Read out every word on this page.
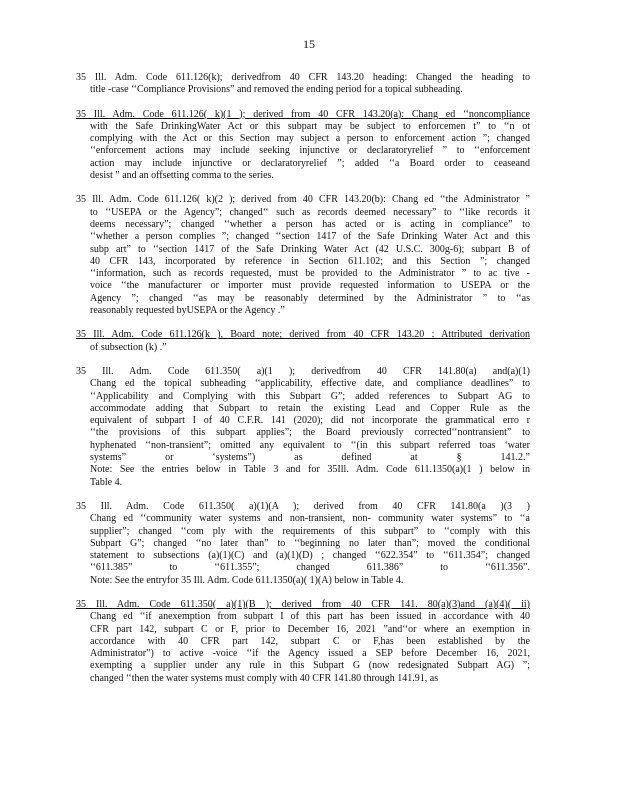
15
35 Ill. Adm. Code 611.126(k); derivedfrom 40 CFR 143.20 heading: Changed the heading to
title -case ‘‘Compliance Provisions” and removed the ending period for a topical subheading.
35 Ill. Adm. Code 611.126( k)(1 ); derived from 40 CFR 143.20(a): Chang ed ‘‘noncompliance
with the Safe DrinkingWater Act or this subpart may be subject to enforcemen t” to ‘‘n ot
complying with the Act or this Section may subject a person to enforcement action ”; changed
‘‘enforcement actions may include seeking injunctive or declaratoryrelief ” to ‘‘enforcement
action may include injunctive or declaratoryrelief ”; added ‘‘a Board order to ceaseand
desist ” and an offsetting comma to the series.
35 Ill. Adm. Code 611.126( k)(2 ); derived from 40 CFR 143.20(b): Chang ed ‘‘the Administrator ”
to ‘‘USEPA or the Agency”; changed‘‘ such as records deemed necessary” to ‘‘like records it
deems necessary”; changed ‘‘whether a person has acted or is acting in compliance” to
‘‘whether a person complies ”; changed ‘‘section 1417 of the Safe Drinking Water Act and this
subp art” to ‘‘section 1417 of the Safe Drinking Water Act (42 U.S.C. 300g-6); subpart B of
40 CFR 143, incorporated by reference in Section 611.102; and this Section ”; changed
‘‘information, such as records requested, must be provided to the Administrator ” to ac tive -
voice ‘‘the manufacturer or importer must provide requested information to USEPA or the
Agency ”; changed ‘‘as may be reasonably determined by the Administrator ” to ‘‘as
reasonably requested byUSEPA or the Agency .”
35 Ill. Adm. Code 611.126(k ), Board note; derived from 40 CFR 143.20 : Attributed derivation
of subsection (k) .”
35 Ill. Adm. Code 611.350( a)(1 ); derivedfrom 40 CFR 141.80(a) and(a)(1)
Chang ed the topical subheading ‘‘applicability, effective date, and compliance deadlines” to
‘‘Applicability and Complying with this Subpart G”; added references to Subpart AG to
accommodate adding that Subpart to retain the existing Lead and Copper Rule as the
equivalent of subpart I of 40 C.F.R. 141 (2020); did not incorporate the grammatical erro r
‘‘the provisions of this subpart applies”; the Board previously corrected‘‘nontransient” to
hyphenated ‘‘non-transient”; omitted any equivalent to ‘‘(in this subpart referred toas ‘water
systems” or ‘systems”) as defined at § 141.2.”
Note: See the entries below in Table 3 and for 35Ill. Adm. Code 611.1350(a)(1 ) below in
Table 4.
35 Ill. Adm. Code 611.350( a)(1)(A ); derived from 40 CFR 141.80(a )(3 )
Chang ed ‘‘community water systems and non-transient, non- community water systems” to ‘‘a
supplier”; changed ‘‘com ply with the requirements of this subpart” to ‘‘comply with this
Subpart G”; changed ‘‘no later than” to ‘‘beginning no later than”; moved the conditional
statement to subsections (a)(1)(C) and (a)(1)(D) ; changed ‘‘622.354” to ‘‘611.354”; changed
‘‘611.385” to ‘‘611.355”; changed 611.386” to ‘‘611.356”.
Note: See the entryfor 35 Ill. Adm. Code 611.1350(a)( 1)(A) below in Table 4.
35 Ill. Adm. Code 611.350( a)(1)(B ); derived from 40 CFR 141. 80(a)(3)and (a)(4)( ii)
Chang ed ‘‘if anexemption from subpart I of this part has been issued in accordance with 40
CFR part 142, subpart C or F, prior to December 16, 2021 ”and‘‘or where an exemption in
accordance with 40 CFR part 142, subpart C or F,has been established by the
Administrator”) to active -voice ‘‘if the Agency issued a SEP before December 16, 2021,
exempting a supplier under any rule in this Subpart G (now redesignated Subpart AG) ”;
changed ‘‘then the water systems must comply with 40 CFR 141.80 through 141.91, as
